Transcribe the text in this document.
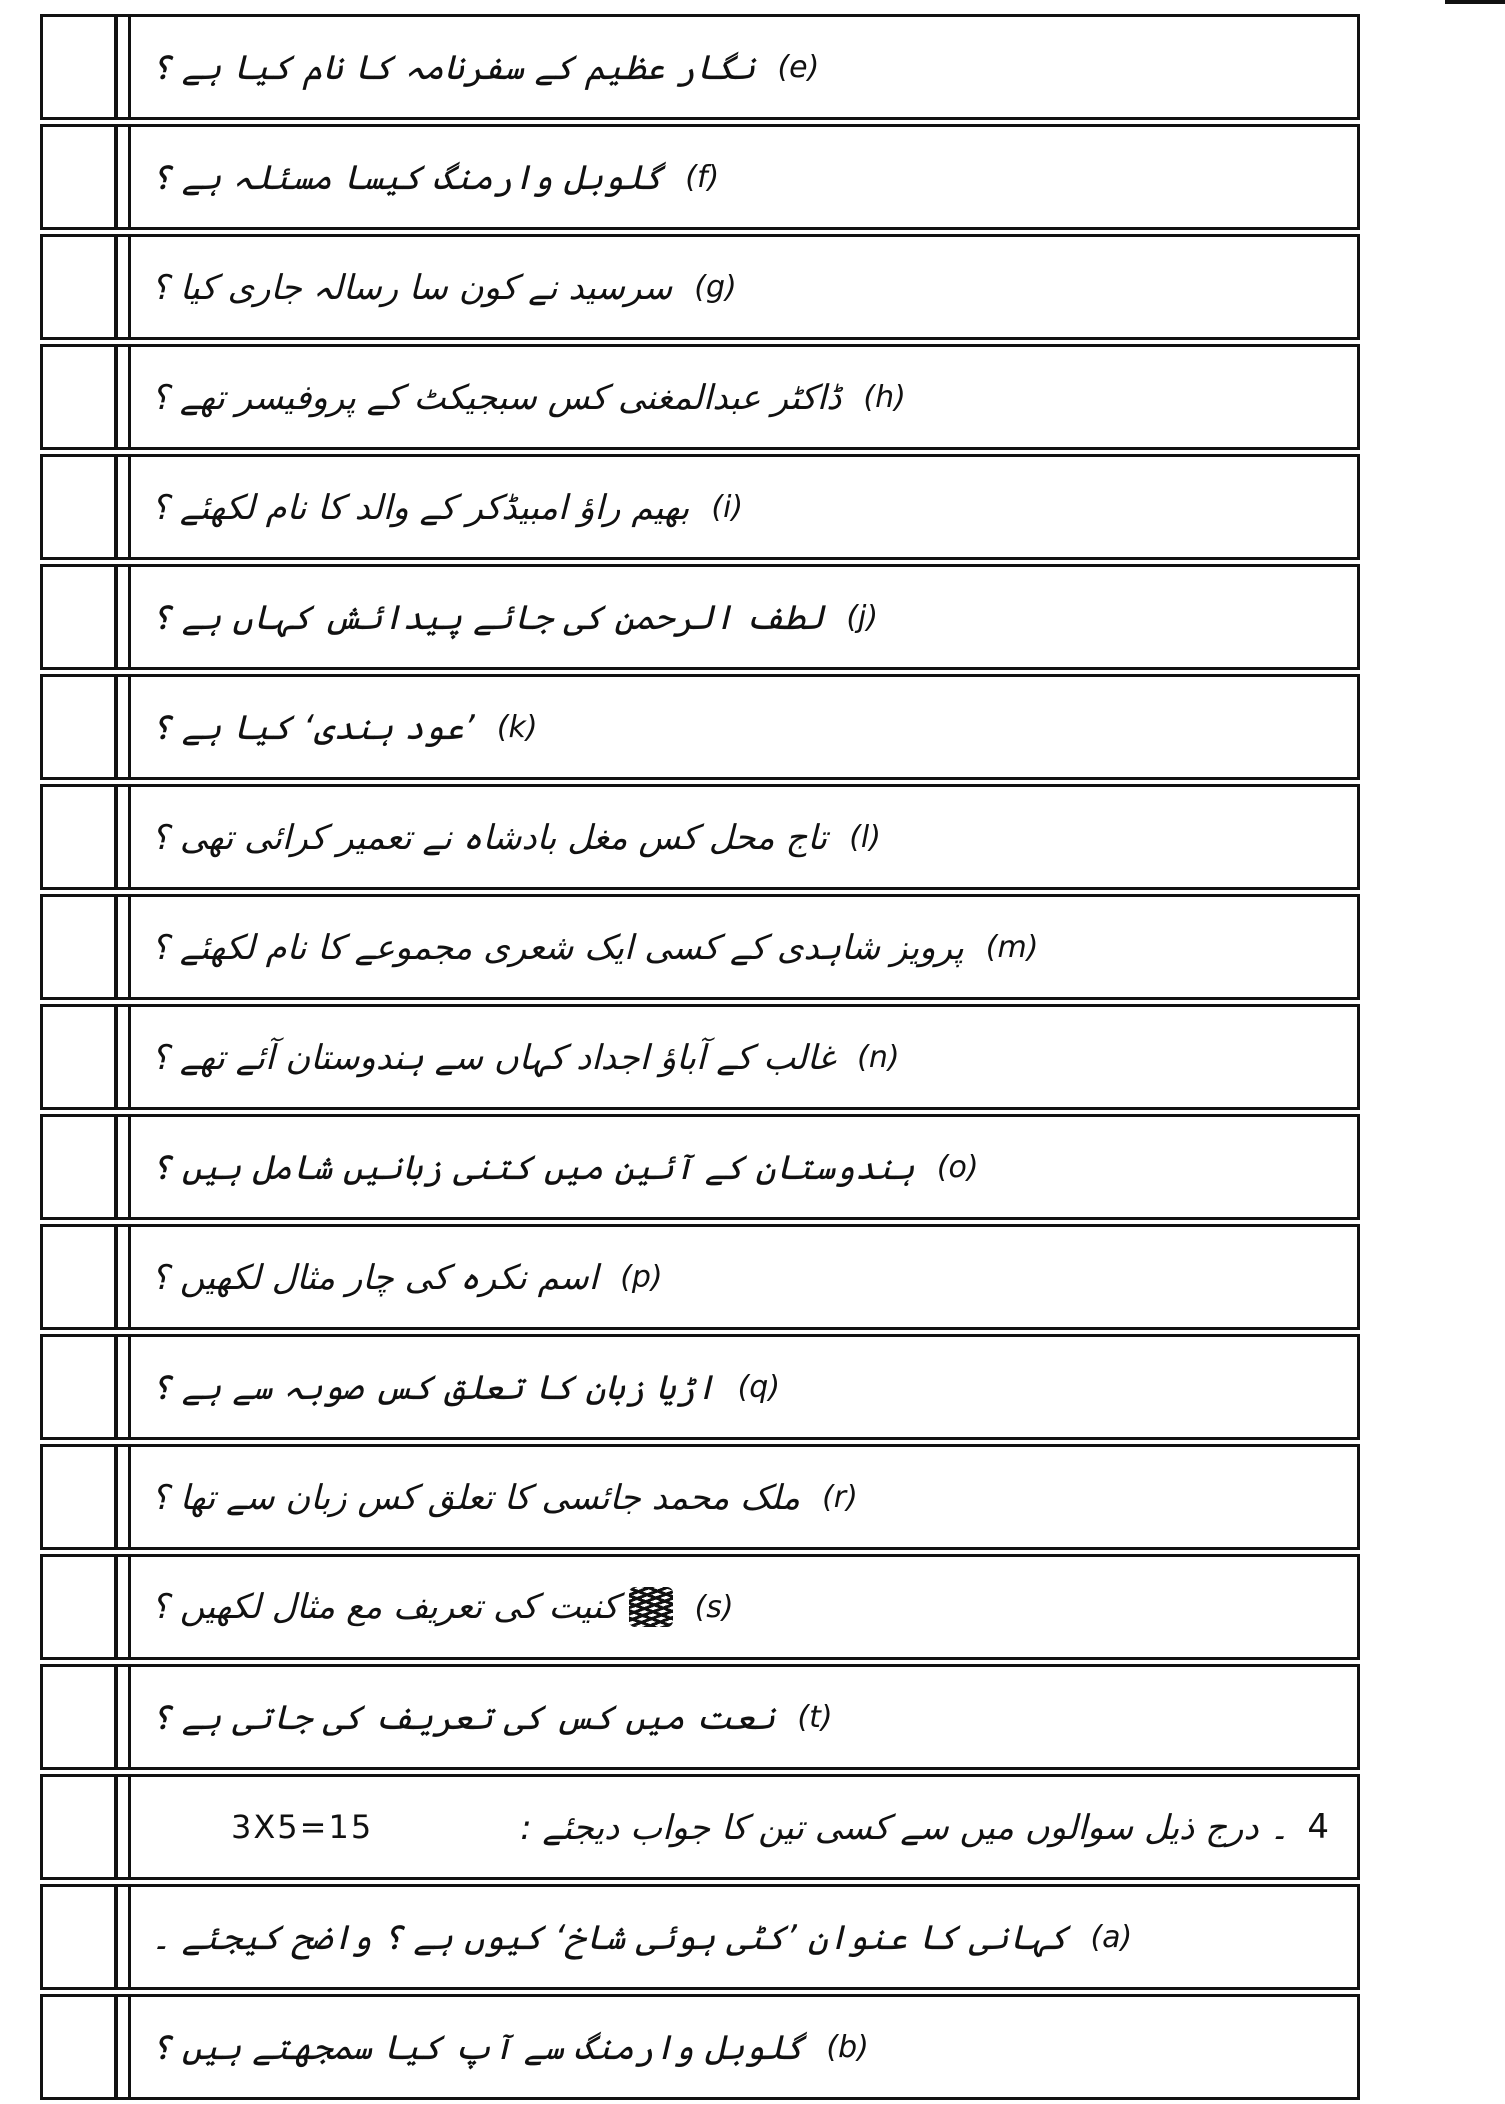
(e)
نگار عظیم کے سفرنامہ کا نام کیا ہے ؟
(f)
گلوبل وارمنگ کیسا مسئلہ ہے ؟
(g)
سرسید نے کون سا رسالہ جاری کیا ؟
(h)
ڈاکٹر عبدالمغنی کس سبجیکٹ کے پروفیسر تھے ؟
(i)
بھیم راؤ امبیڈکر کے والد کا نام لکھئے ؟
(j)
لطف الرحمن کی جائے پیدائش کہاں ہے ؟
(k)
’عود ہندی‘ کیا ہے ؟
(l)
تاج محل کس مغل بادشاہ نے تعمیر کرائی تھی ؟
(m)
پرویز شاہدی کے کسی ایک شعری مجموعے کا نام لکھئے ؟
(n)
غالب کے آباؤ اجداد کہاں سے ہندوستان آئے تھے ؟
(o)
ہندوستان کے آئین میں کتنی زبانیں شامل ہیں ؟
(p)
اسم نکرہ کی چار مثال لکھیں ؟
(q)
اڑیا زبان کا تعلق کس صوبہ سے ہے ؟
(r)
ملک محمد جائسی کا تعلق کس زبان سے تھا ؟
(s)
کنیت کی تعریف مع مثال لکھیں ؟
(t)
نعت میں کس کی تعریف کی جاتی ہے ؟
3X5=15	4
۔ درج ذیل سوالوں میں سے کسی تین کا جواب دیجئے :
(a)
کہانی کا عنوان ’کٹی ہوئی شاخ‘ کیوں ہے ؟ واضح کیجئے ۔
(b)
گلوبل وارمنگ سے آپ کیا سمجھتے ہیں ؟
